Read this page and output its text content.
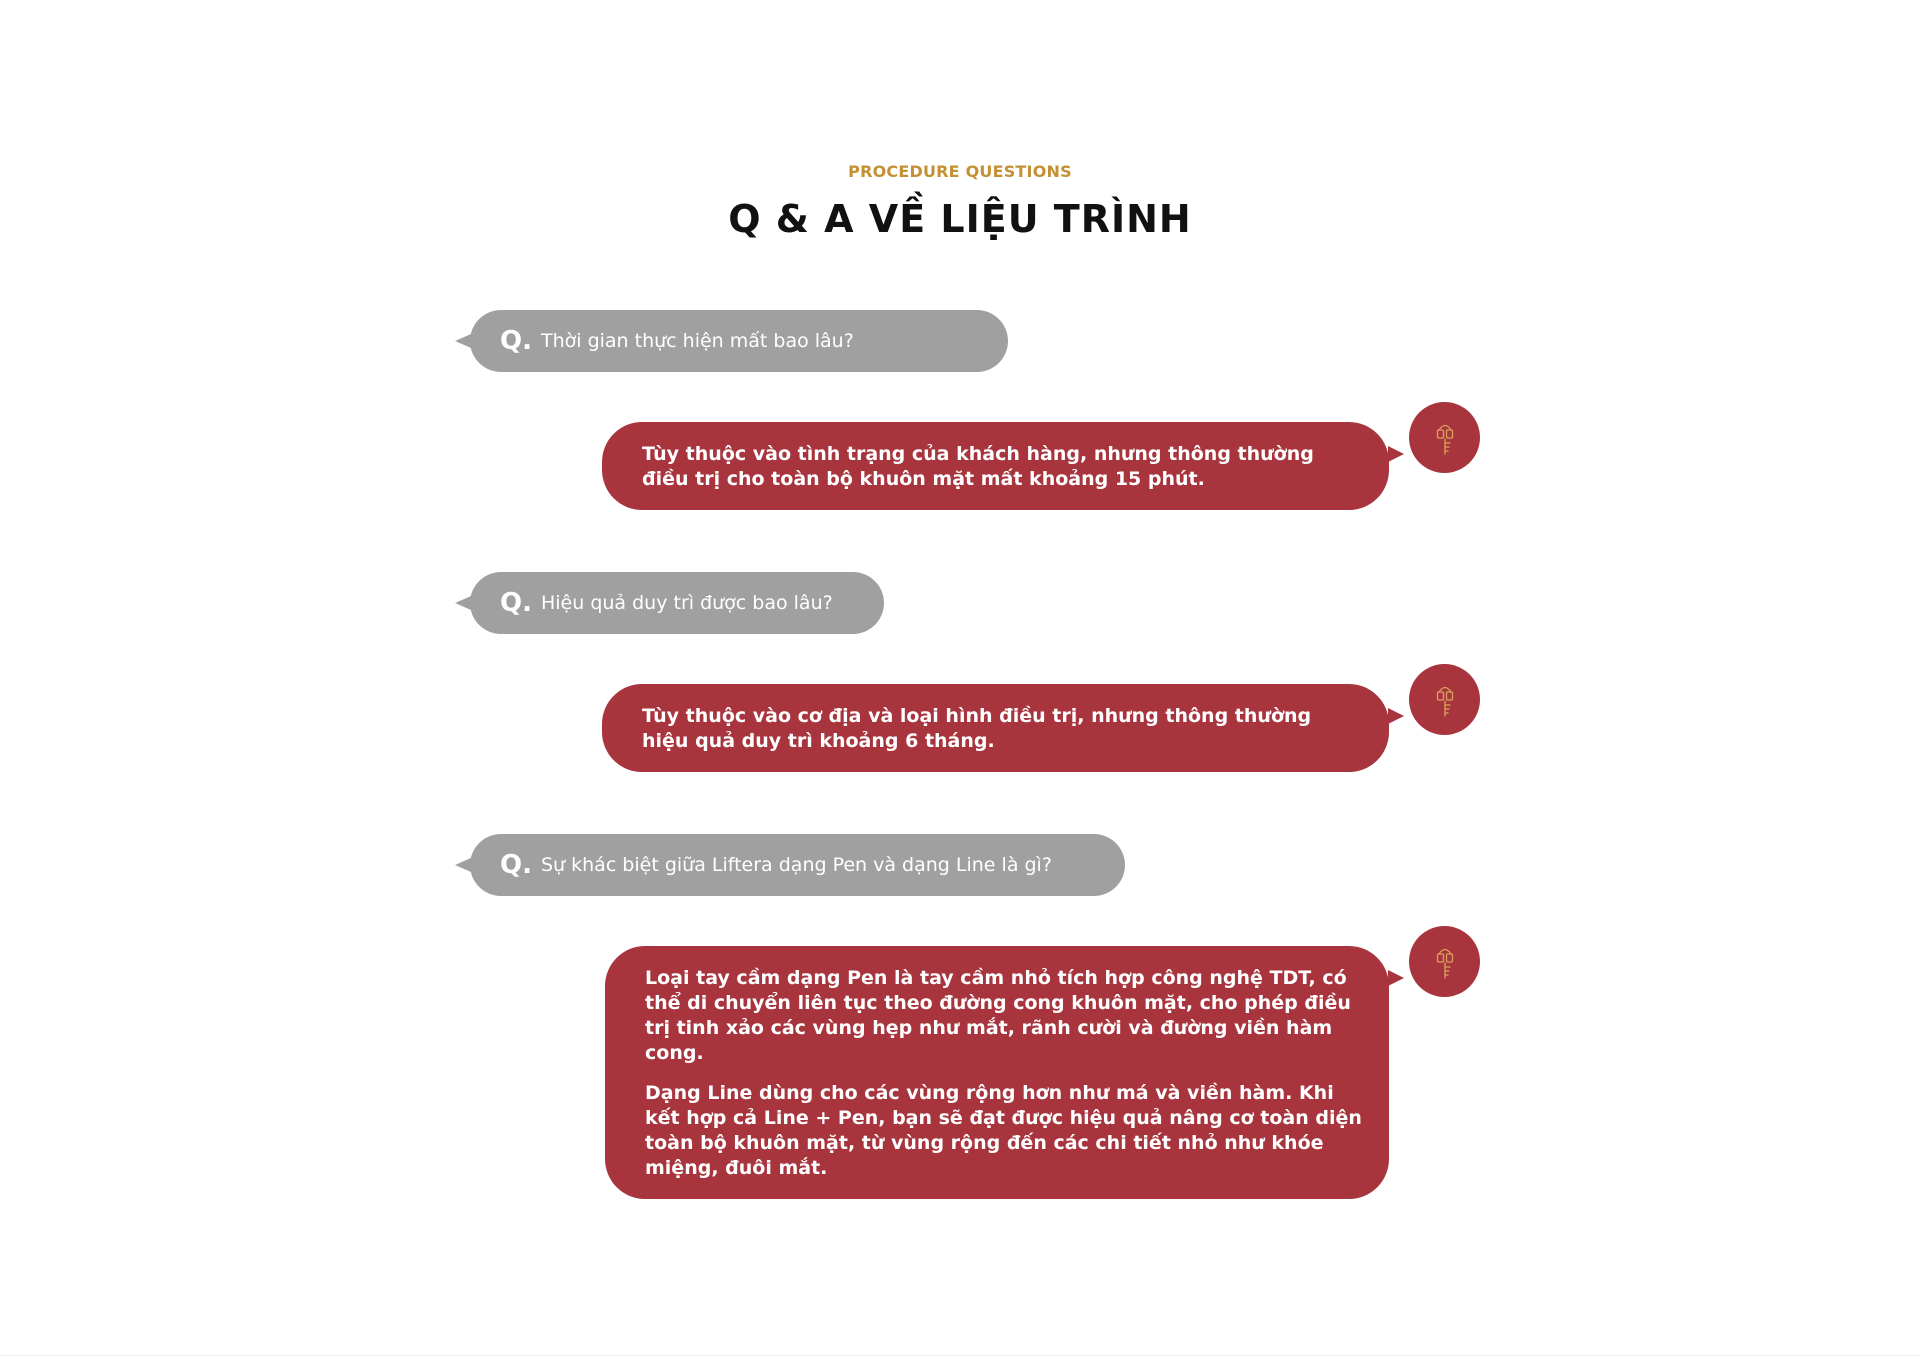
PROCEDURE QUESTIONS
Q & A VỀ LIỆU TRÌNH
Q. Thời gian thực hiện mất bao lâu?

Tùy thuộc vào tình trạng của khách hàng, nhưng thông thường điều trị cho toàn bộ khuôn mặt mất khoảng 15 phút.

Q. Hiệu quả duy trì được bao lâu?

Tùy thuộc vào cơ địa và loại hình điều trị, nhưng thông thường hiệu quả duy trì khoảng 6 tháng.

Q. Sự khác biệt giữa Liftera dạng Pen và dạng Line là gì?

Loại tay cầm dạng Pen là tay cầm nhỏ tích hợp công nghệ TDT, có thể di chuyển liên tục theo đường cong khuôn mặt, cho phép điều trị tinh xảo các vùng hẹp như mắt, rãnh cười và đường viền hàm cong.

Dạng Line dùng cho các vùng rộng hơn như má và viền hàm. Khi kết hợp cả Line + Pen, bạn sẽ đạt được hiệu quả nâng cơ toàn diện toàn bộ khuôn mặt, từ vùng rộng đến các chi tiết nhỏ như khóe miệng, đuôi mắt.
